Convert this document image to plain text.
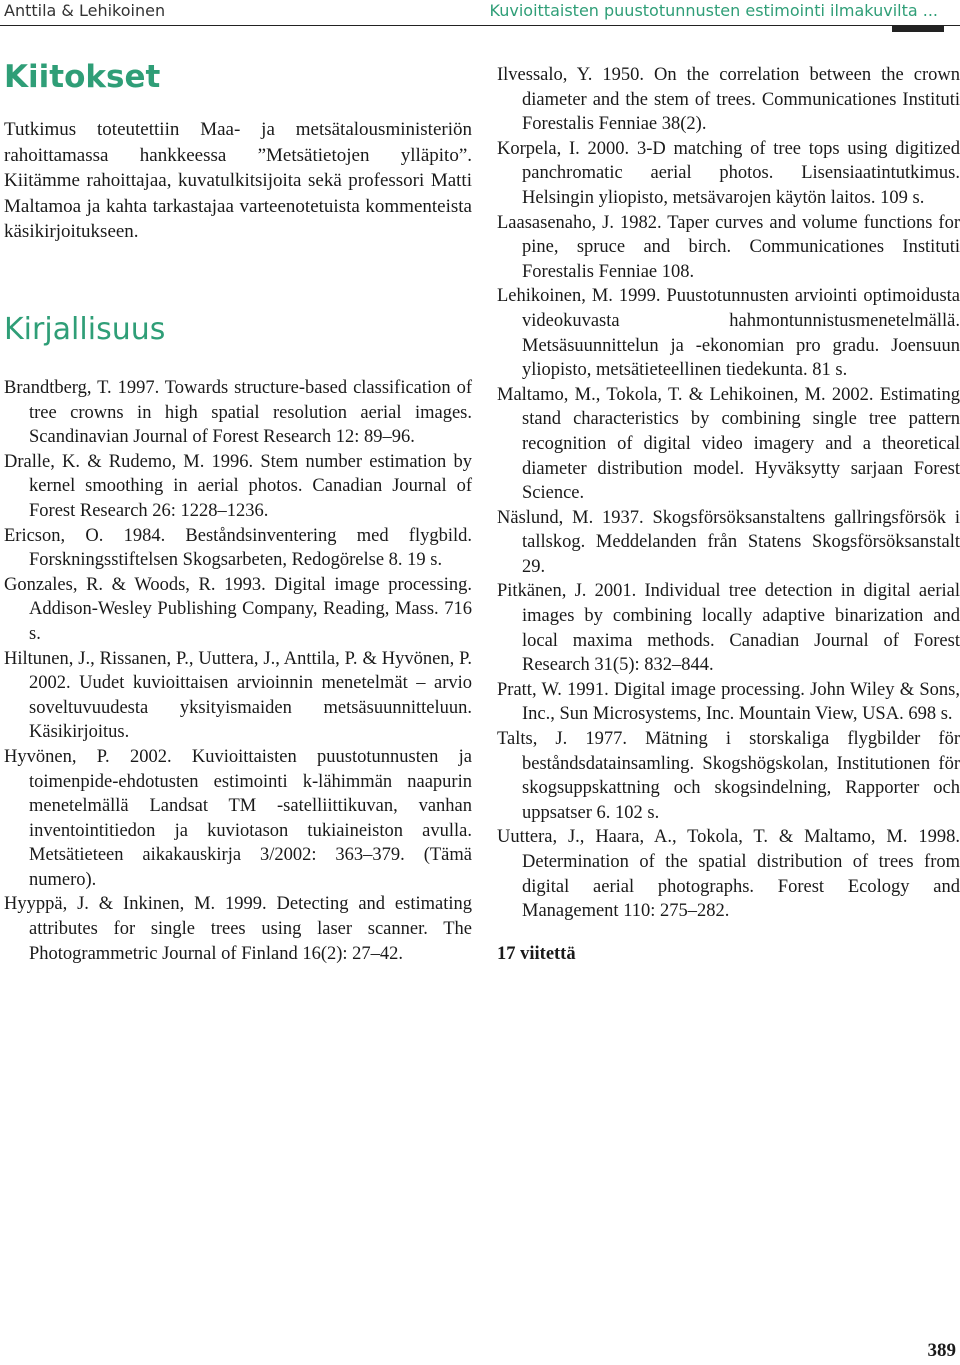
Anttila & Lehikoinen	Kuvioittaisten puustotunnusten estimointi ilmakuvilta ...
Kiitokset

Tutkimus toteutettiin Maa- ja metsätalousministeriön rahoittamassa hankkeessa ”Metsätietojen ylläpito”. Kiitämme rahoittajaa, kuvatulkitsijoita sekä professori Matti Maltamoa ja kahta tarkastajaa varteenotetuista kommenteista käsikirjoitukseen.

Kirjallisuus

Brandtberg, T. 1997. Towards structure-based classification of tree crowns in high spatial resolution aerial images. Scandinavian Journal of Forest Research 12: 89–96.

Dralle, K. & Rudemo, M. 1996. Stem number estimation by kernel smoothing in aerial photos. Canadian Journal of Forest Research 26: 1228–1236.

Ericson, O. 1984. Beståndsinventering med flygbild. Forskningsstiftelsen Skogsarbeten, Redogörelse 8. 19 s.

Gonzales, R. & Woods, R. 1993. Digital image processing. Addison-Wesley Publishing Company, Reading, Mass. 716 s.

Hiltunen, J., Rissanen, P., Uuttera, J., Anttila, P. & Hyvönen, P. 2002. Uudet kuvioittaisen arvioinnin menetelmät – arvio soveltuvuudesta yksityismaiden metsäsuunnitteluun. Käsikirjoitus.

Hyvönen, P. 2002. Kuvioittaisten puustotunnusten ja toimenpide-ehdotusten estimointi k-lähimmän naapurin menetelmällä Landsat TM -satelliittikuvan, vanhan inventointitiedon ja kuviotason tukiaineiston avulla. Metsätieteen aikakauskirja 3/2002: 363–379. (Tämä numero).

Hyyppä, J. & Inkinen, M. 1999. Detecting and estimating attributes for single trees using laser scanner. The Photogrammetric Journal of Finland 16(2): 27–42.

Ilvessalo, Y. 1950. On the correlation between the crown diameter and the stem of trees. Communicationes Instituti Forestalis Fenniae 38(2).

Korpela, I. 2000. 3-D matching of tree tops using digitized panchromatic aerial photos. Lisensiaatintutkimus. Helsingin yliopisto, metsävarojen käytön laitos. 109 s.

Laasasenaho, J. 1982. Taper curves and volume functions for pine, spruce and birch. Communicationes Instituti Forestalis Fenniae 108.

Lehikoinen, M. 1999. Puustotunnusten arviointi optimoidusta videokuvasta hahmontunnistusmenetelmällä. Metsäsuunnittelun ja -ekonomian pro gradu. Joensuun yliopisto, metsätieteellinen tiedekunta. 81 s.

Maltamo, M., Tokola, T. & Lehikoinen, M. 2002. Estimating stand characteristics by combining single tree pattern recognition of digital video imagery and a theoretical diameter distribution model. Hyväksytty sarjaan Forest Science.

Näslund, M. 1937. Skogsförsöksanstaltens gallringsförsök i tallskog. Meddelanden från Statens Skogsförsöksanstalt 29.

Pitkänen, J. 2001. Individual tree detection in digital aerial images by combining locally adaptive binarization and local maxima methods. Canadian Journal of Forest Research 31(5): 832–844.

Pratt, W. 1991. Digital image processing. John Wiley & Sons, Inc., Sun Microsystems, Inc. Mountain View, USA. 698 s.

Talts, J. 1977. Mätning i storskaliga flygbilder för beståndsdatainsamling. Skogshögskolan, Institutionen för skogsuppskattning och skogsindelning, Rapporter och uppsatser 6. 102 s.

Uuttera, J., Haara, A., Tokola, T. & Maltamo, M. 1998. Determination of the spatial distribution of trees from digital aerial photographs. Forest Ecology and Management 110: 275–282.

17 viitettä

389
